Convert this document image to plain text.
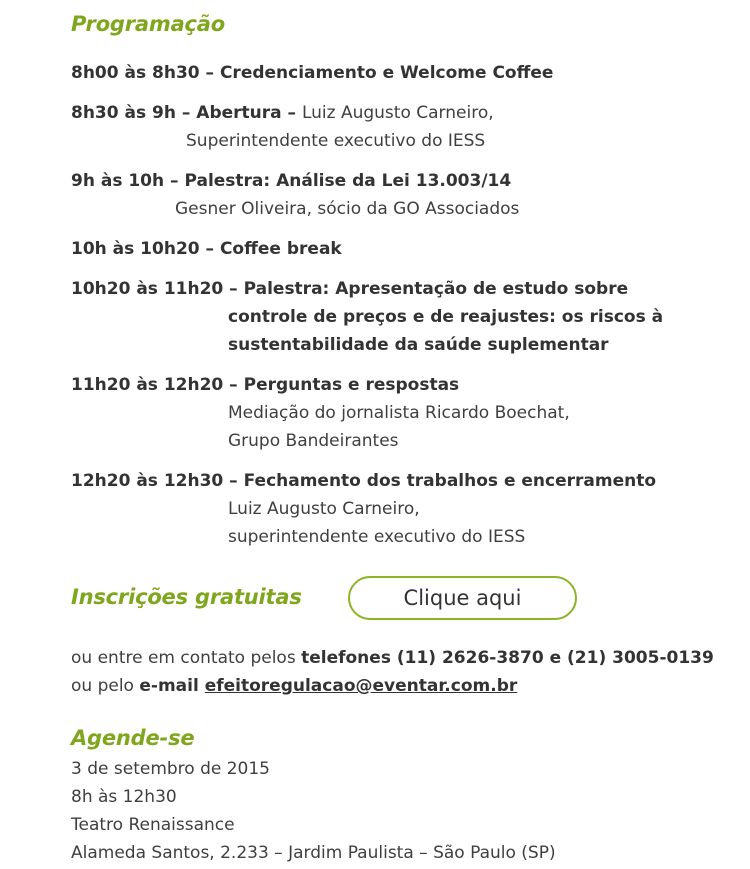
Programação
8h00 às 8h30 – Credenciamento e Welcome Coffee
8h30 às 9h – Abertura – Luiz Augusto Carneiro,
Superintendente executivo do IESS
9h às 10h – Palestra: Análise da Lei 13.003/14
Gesner Oliveira, sócio da GO Associados
10h às 10h20 – Coffee break
10h20 às 11h20 – Palestra: Apresentação de estudo sobre
controle de preços e de reajustes: os riscos à
sustentabilidade da saúde suplementar
11h20 às 12h20 – Perguntas e respostas
Mediação do jornalista Ricardo Boechat,
Grupo Bandeirantes
12h20 às 12h30 – Fechamento dos trabalhos e encerramento
Luiz Augusto Carneiro,
superintendente executivo do IESS
Inscrições gratuitas	Clique aqui
ou entre em contato pelos telefones (11) 2626-3870 e (21) 3005-0139
ou pelo e-mail efeitoregulacao@eventar.com.br
Agende-se
3 de setembro de 2015
8h às 12h30
Teatro Renaissance
Alameda Santos, 2.233 – Jardim Paulista – São Paulo (SP)
